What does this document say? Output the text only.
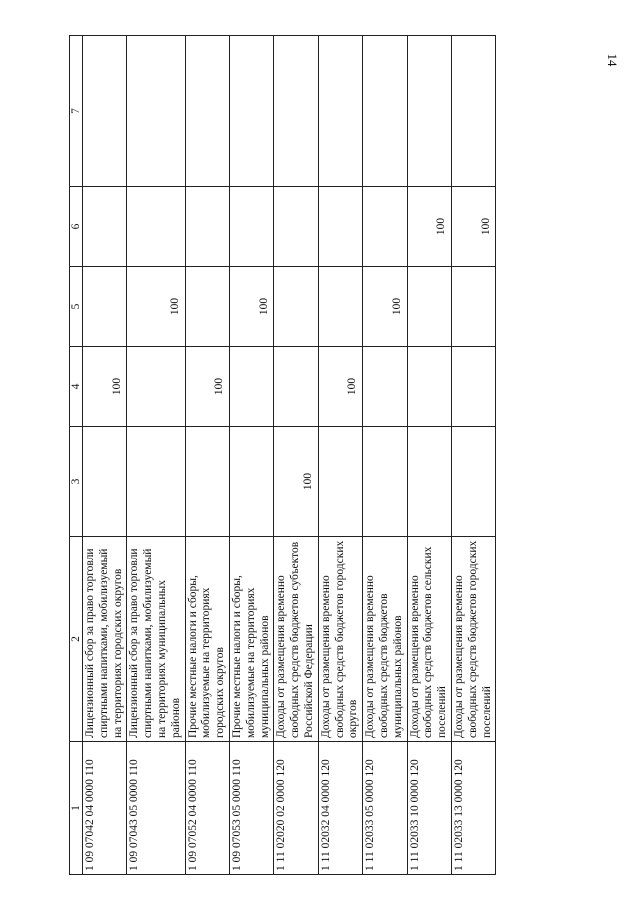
14
1	2	3	4	5	6	7
1 09 07042 04 0000 110	Лицензионный сбор за право торговли спиртными напитками, мобилизуемый на территориях городских округов		100			
1 09 07043 05 0000 110	Лицензионный сбор за право торговли спиртными напитками, мобилизуемый на территориях муниципальных районов			100		
1 09 07052 04 0000 110	Прочие местные налоги и сборы, мобилизуемые на территориях городских округов		100			
1 09 07053 05 0000 110	Прочие местные налоги и сборы, мобилизуемые на территориях муниципальных районов			100		
1 11 02020 02 0000 120	Доходы от размещения временно свободных средств бюджетов субъектов Российской Федерации	100				
1 11 02032 04 0000 120	Доходы от размещения временно свободных средств бюджетов городских округов		100			
1 11 02033 05 0000 120	Доходы от размещения временно свободных средств бюджетов муниципальных районов			100		
1 11 02033 10 0000 120	Доходы от размещения временно свободных средств бюджетов сельских поселений				100	
1 11 02033 13 0000 120	Доходы от размещения временно свободных средств бюджетов городских поселений				100	
